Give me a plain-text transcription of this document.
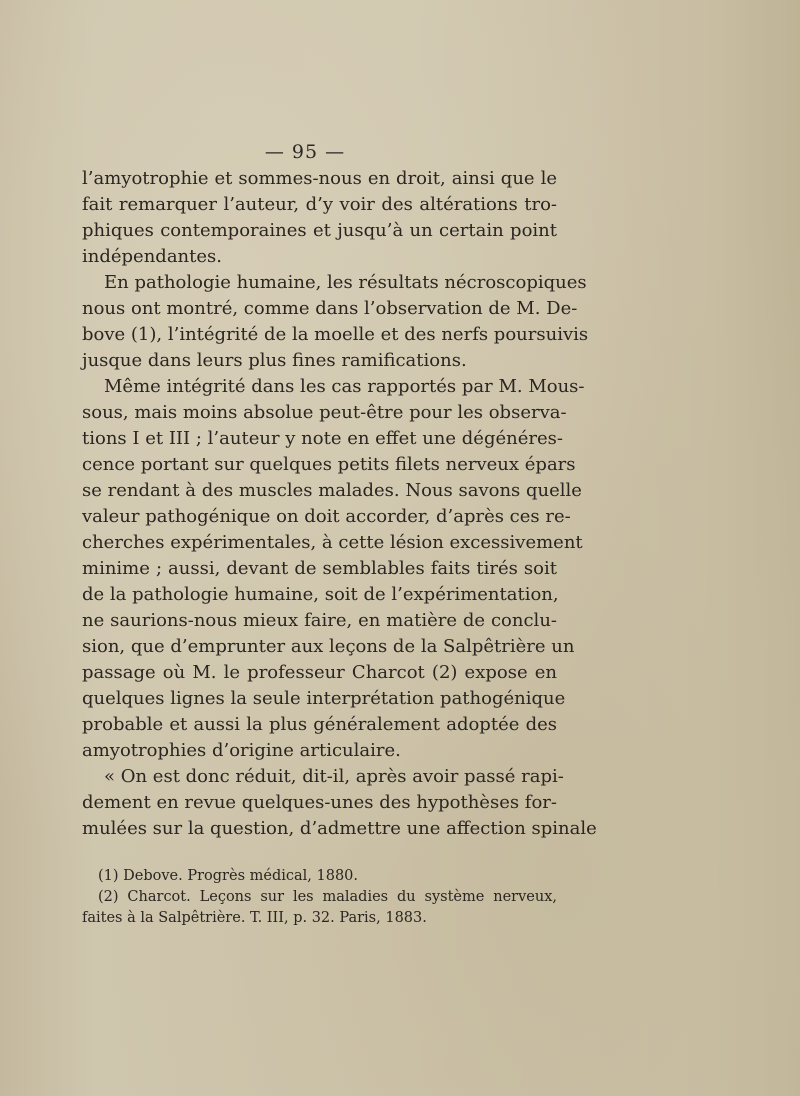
— 95 —
l’amyotrophie et sommes-nous en droit, ainsi que le
fait remarquer l’auteur, d’y voir des altérations tro-
phiques contemporaines et jusqu’à un certain point
indépendantes.
En pathologie humaine, les résultats nécroscopiques
nous ont montré, comme dans l’observation de M. De-
bove (1), l’intégrité de la moelle et des nerfs poursuivis
jusque dans leurs plus fines ramifications.
Même intégrité dans les cas rapportés par M. Mous-
sous, mais moins absolue peut-être pour les observa-
tions I et III ; l’auteur y note en effet une dégénéres-
cence portant sur quelques petits filets nerveux épars
se rendant à des muscles malades. Nous savons quelle
valeur pathogénique on doit accorder, d’après ces re-
cherches expérimentales, à cette lésion excessivement
minime ; aussi, devant de semblables faits tirés soit
de la pathologie humaine, soit de l’expérimentation,
ne saurions-nous mieux faire, en matière de conclu-
sion, que d’emprunter aux leçons de la Salpêtrière un
passage où M. le professeur Charcot (2) expose en
quelques lignes la seule interprétation pathogénique
probable et aussi la plus généralement adoptée des
amyotrophies d’origine articulaire.
« On est donc réduit, dit-il, après avoir passé rapi-
dement en revue quelques-unes des hypothèses for-
mulées sur la question, d’admettre une affection spinale
(1) Debove. Progrès médical, 1880.
(2) Charcot. Leçons sur les maladies du système nerveux,
faites à la Salpêtrière. T. III, p. 32. Paris, 1883.
